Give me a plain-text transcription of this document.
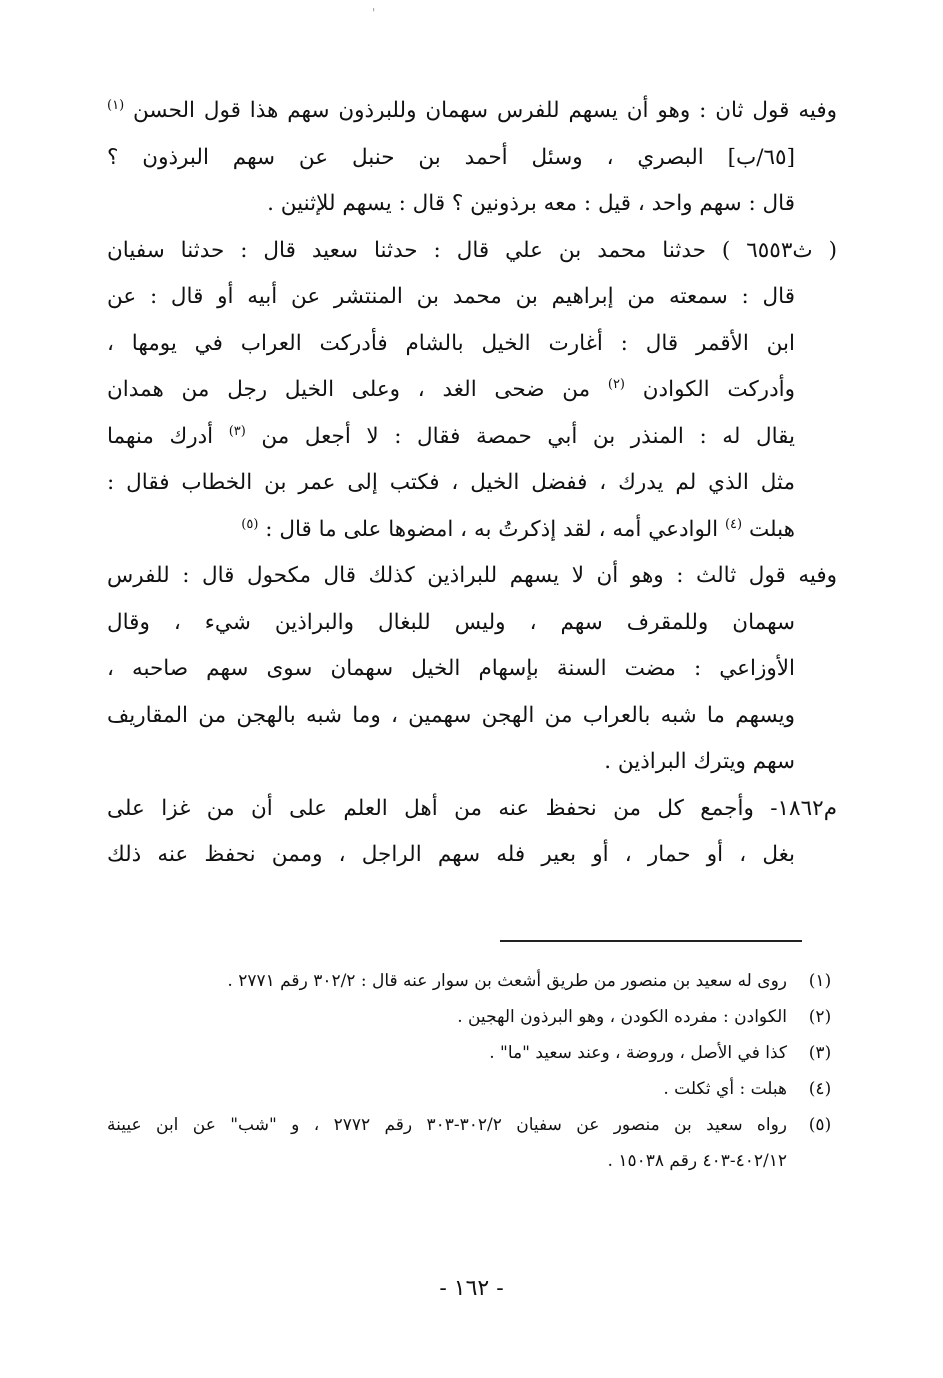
'
وفيه قول ثان : وهو أن يسهم للفرس سهمان وللبرذون سهم هذا قول الحسن $^{(١)}$
[٦٥/ب] البصري ، وسئل أحمد بن حنبل عن سهم البرذون ؟
قال : سهم واحد ، قيل : معه برذونين ؟ قال : يسهم للإثنين .
( ث٦٥٥٣ ) حدثنا محمد بن علي قال : حدثنا سعيد قال : حدثنا سفيان
قال : سمعته من إبراهيم بن محمد بن المنتشر عن أبيه أو قال : عن
ابن الأقمر قال : أغارت الخيل بالشام فأدركت العراب في يومها ،
وأدركت الكوادن $^{(٢)}$ من ضحى الغد ، وعلى الخيل رجل من همدان
يقال له : المنذر بن أبي حمصة فقال : لا أجعل من $^{(٣)}$ أدرك منهما
مثل الذي لم يدرك ، ففضل الخيل ، فكتب إلى عمر بن الخطاب فقال :
هبلت $^{(٤)}$ الوادعي أمه ، لقد إذكرتُ به ، امضوها على ما قال : $^{(٥)}$
وفيه قول ثالث : وهو أن لا يسهم للبراذين كذلك قال مكحول قال : للفرس
سهمان وللمقرف سهم ، وليس للبغال والبراذين شيء ، وقال
الأوزاعي : مضت السنة بإسهام الخيل سهمان سوى سهم صاحبه ،
ويسهم ما شبه بالعراب من الهجن سهمين ، وما شبه بالهجن من المقاريف
سهم ويترك البراذين .
م١٨٦٢- وأجمع كل من نحفظ عنه من أهل العلم على أن من غزا على
بغل ، أو حمار ، أو بعير فله سهم الراجل ، وممن نحفظ عنه ذلك
(١)
روى له سعيد بن منصور من طريق أشعث بن سوار عنه قال : ٣٠٢/٢ رقم ٢٧٧١ .
(٢)
الكوادن : مفرده الكودن ، وهو البرذون الهجين .
(٣)
كذا في الأصل ، وروضة ، وعند سعيد "ما" .
(٤)
هبلت : أي ثكلت .
(٥)
رواه سعيد بن منصور عن سفيان ٣٠٢/٢-٣٠٣ رقم ٢٧٧٢ ، و "شب" عن ابن عيينة
٤٠٢/١٢-٤٠٣ رقم ١٥٠٣٨ .
- ١٦٢ -
